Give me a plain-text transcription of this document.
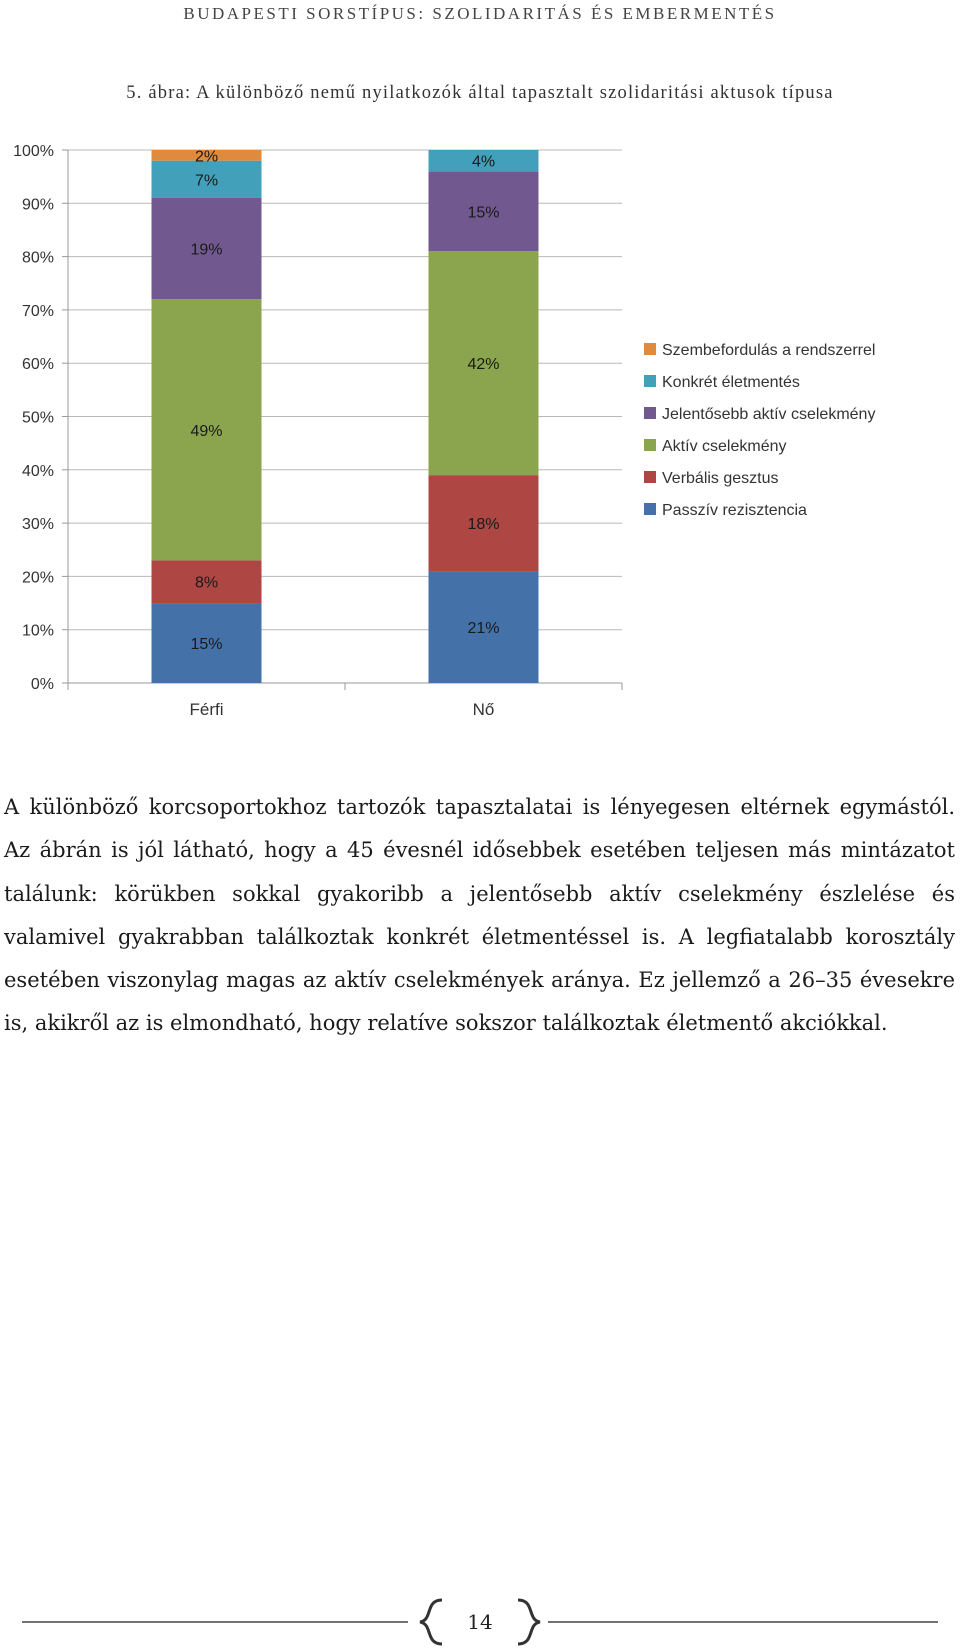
BUDAPESTI SORSTÍPUS: SZOLIDARITÁS ÉS EMBERMENTÉS
5. ábra: A különböző nemű nyilatkozók által tapasztalt szolidaritási aktusok típusa
15%
8%
49%
19%
7%
2%
21%
18%
42%
15%
4%
0%
10%
20%
30%
40%
50%
60%
70%
80%
90%
100%
Férfi	Nő
Szembefordulás a rendszerrel
Konkrét életmentés
Jelentősebb aktív cselekmény
Aktív cselekmény
Verbális gesztus
Passzív rezisztencia

A különböző korcsoportokhoz tartozók tapasztalatai is lényegesen eltérnek egymástól. Az ábrán is jól látható, hogy a 45 évesnél idősebbek esetében teljesen más mintázatot találunk: körükben sokkal gyakoribb a jelentősebb aktív cselekmény észlelése és valamivel gyakrabban találkoztak konkrét életmentéssel is. A legfiatalabb korosztály esetében viszonylag magas az aktív cselekmények aránya. Ez jellemző a 26–35 évesekre is, akikről az is elmondható, hogy relatíve sokszor találkoztak életmentő akciókkal.

14
